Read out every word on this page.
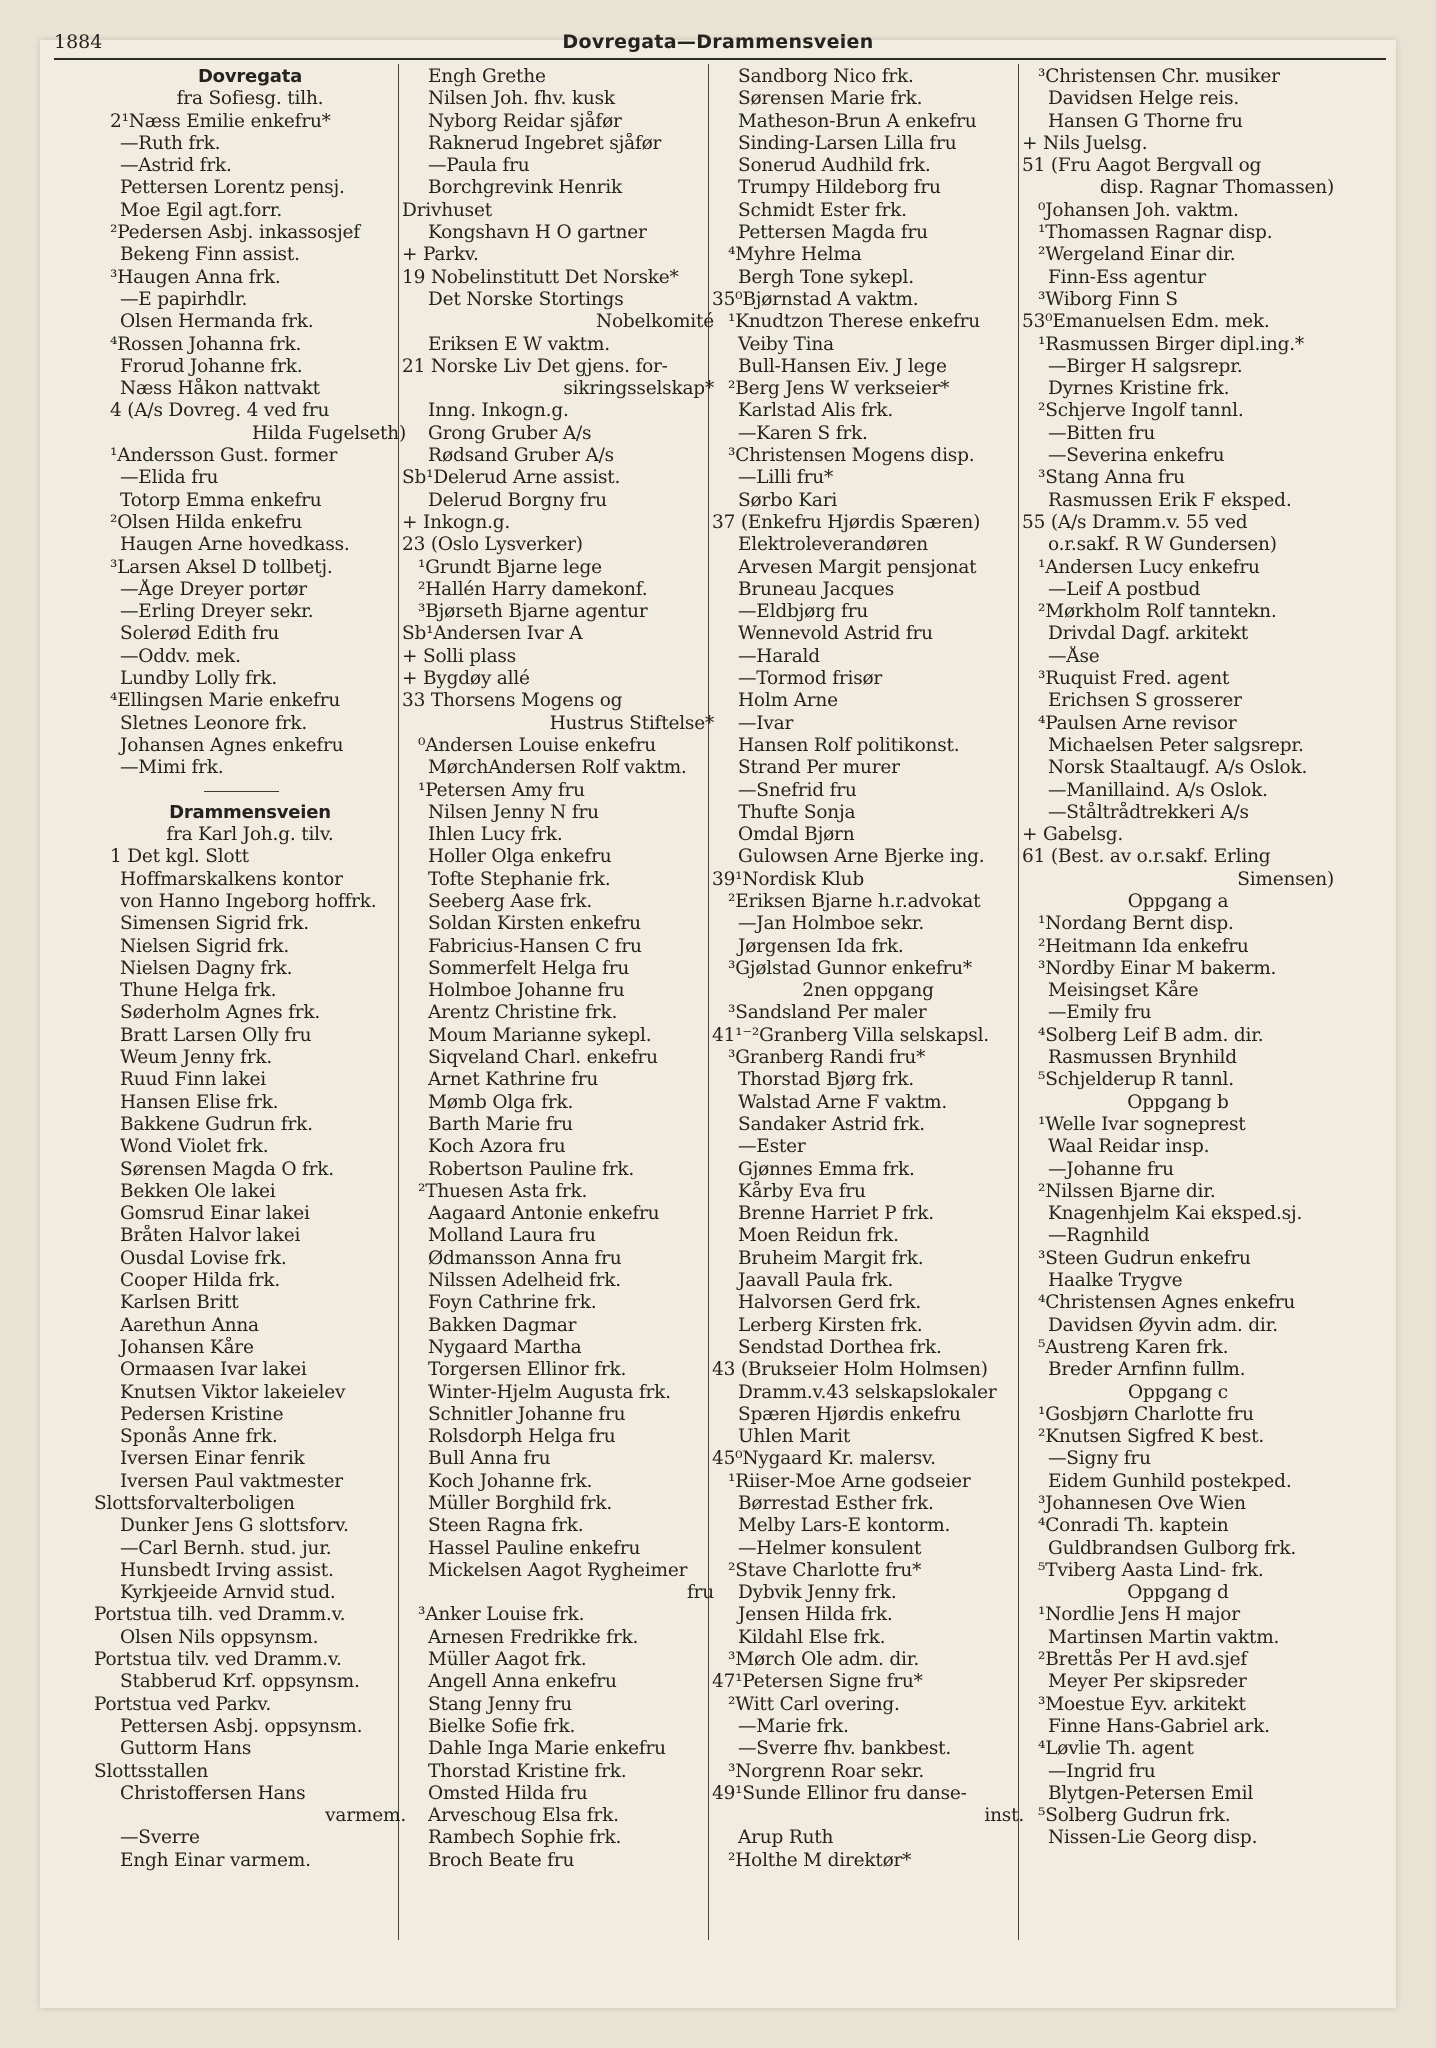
1884	Dovregata—Drammensveien
Dovregata
fra Sofiesg. tilh.
2¹Næss Emilie enkefru*
—Ruth frk.
—Astrid frk.
Pettersen Lorentz pensj.
Moe Egil agt.forr.
²Pedersen Asbj. inkassosjef
Bekeng Finn assist.
³Haugen Anna frk.
—E papirhdlr.
Olsen Hermanda frk.
⁴Rossen Johanna frk.
Frorud Johanne frk.
Næss Håkon nattvakt
4 (A/s Dovreg. 4 ved fru
Hilda Fugelseth)
¹Andersson Gust. former
—Elida fru
Totorp Emma enkefru
²Olsen Hilda enkefru
Haugen Arne hovedkass.
³Larsen Aksel D tollbetj.
—Åge Dreyer portør
—Erling Dreyer sekr.
Solerød Edith fru
—Oddv. mek.
Lundby Lolly frk.
⁴Ellingsen Marie enkefru
Sletnes Leonore frk.
Johansen Agnes enkefru
—Mimi frk.
Drammensveien
fra Karl Joh.g. tilv.
1 Det kgl. Slott
Hoffmarskalkens kontor
von Hanno Ingeborg hoffrk.
Simensen Sigrid frk.
Nielsen Sigrid frk.
Nielsen Dagny frk.
Thune Helga frk.
Søderholm Agnes frk.
Bratt Larsen Olly fru
Weum Jenny frk.
Ruud Finn lakei
Hansen Elise frk.
Bakkene Gudrun frk.
Wond Violet frk.
Sørensen Magda O frk.
Bekken Ole lakei
Gomsrud Einar lakei
Bråten Halvor lakei
Ousdal Lovise frk.
Cooper Hilda frk.
Karlsen Britt
Aarethun Anna
Johansen Kåre
Ormaasen Ivar lakei
Knutsen Viktor lakeielev
Pedersen Kristine
Sponås Anne frk.
Iversen Einar fenrik
Iversen Paul vaktmester
Slottsforvalterboligen
Dunker Jens G slottsforv.
—Carl Bernh. stud. jur.
Hunsbedt Irving assist.
Kyrkjeeide Arnvid stud.
Portstua tilh. ved Dramm.v.
Olsen Nils oppsynsm.
Portstua tilv. ved Dramm.v.
Stabberud Krf. oppsynsm.
Portstua ved Parkv.
Pettersen Asbj. oppsynsm.
Guttorm Hans
Slottsstallen
Christoffersen Hans
varmem.
—Sverre
Engh Einar varmem.
Engh Grethe
Nilsen Joh. fhv. kusk
Nyborg Reidar sjåfør
Raknerud Ingebret sjåfør
—Paula fru
Borchgrevink Henrik
Drivhuset
Kongshavn H O gartner
+ Parkv.
19 Nobelinstitutt Det Norske*
Det Norske Stortings
Nobelkomité
Eriksen E W vaktm.
21 Norske Liv Det gjens. for-
sikringsselskap*
Inng. Inkogn.g.
Grong Gruber A/s
Rødsand Gruber A/s
Sb¹Delerud Arne assist.
Delerud Borgny fru
+ Inkogn.g.
23 (Oslo Lysverker)
¹Grundt Bjarne lege
²Hallén Harry damekonf.
³Bjørseth Bjarne agentur
Sb¹Andersen Ivar A
+ Solli plass
+ Bygdøy allé
33 Thorsens Mogens og
Hustrus Stiftelse*
⁰Andersen Louise enkefru
MørchAndersen Rolf vaktm.
¹Petersen Amy fru
Nilsen Jenny N fru
Ihlen Lucy frk.
Holler Olga enkefru
Tofte Stephanie frk.
Seeberg Aase frk.
Soldan Kirsten enkefru
Fabricius-Hansen C fru
Sommerfelt Helga fru
Holmboe Johanne fru
Arentz Christine frk.
Moum Marianne sykepl.
Siqveland Charl. enkefru
Arnet Kathrine fru
Mømb Olga frk.
Barth Marie fru
Koch Azora fru
Robertson Pauline frk.
²Thuesen Asta frk.
Aagaard Antonie enkefru
Molland Laura fru
Ødmansson Anna fru
Nilssen Adelheid frk.
Foyn Cathrine frk.
Bakken Dagmar
Nygaard Martha
Torgersen Ellinor frk.
Winter-Hjelm Augusta frk.
Schnitler Johanne fru
Rolsdorph Helga fru
Bull Anna fru
Koch Johanne frk.
Müller Borghild frk.
Steen Ragna frk.
Hassel Pauline enkefru
Mickelsen Aagot Rygheimer
fru
³Anker Louise frk.
Arnesen Fredrikke frk.
Müller Aagot frk.
Angell Anna enkefru
Stang Jenny fru
Bielke Sofie frk.
Dahle Inga Marie enkefru
Thorstad Kristine frk.
Omsted Hilda fru
Arveschoug Elsa frk.
Rambech Sophie frk.
Broch Beate fru
Sandborg Nico frk.
Sørensen Marie frk.
Matheson-Brun A enkefru
Sinding-Larsen Lilla fru
Sonerud Audhild frk.
Trumpy Hildeborg fru
Schmidt Ester frk.
Pettersen Magda fru
⁴Myhre Helma
Bergh Tone sykepl.
35⁰Bjørnstad A vaktm.
¹Knudtzon Therese enkefru
Veiby Tina
Bull-Hansen Eiv. J lege
²Berg Jens W verkseier*
Karlstad Alis frk.
—Karen S frk.
³Christensen Mogens disp.
—Lilli fru*
Sørbo Kari
37 (Enkefru Hjørdis Spæren)
Elektroleverandøren
Arvesen Margit pensjonat
Bruneau Jacques
—Eldbjørg fru
Wennevold Astrid fru
—Harald
—Tormod frisør
Holm Arne
—Ivar
Hansen Rolf politikonst.
Strand Per murer
—Snefrid fru
Thufte Sonja
Omdal Bjørn
Gulowsen Arne Bjerke ing.
39¹Nordisk Klub
²Eriksen Bjarne h.r.advokat
—Jan Holmboe sekr.
Jørgensen Ida frk.
³Gjølstad Gunnor enkefru*
2nen oppgang
³Sandsland Per maler
41¹⁻²Granberg Villa selskapsl.
³Granberg Randi fru*
Thorstad Bjørg frk.
Walstad Arne F vaktm.
Sandaker Astrid frk.
—Ester
Gjønnes Emma frk.
Kårby Eva fru
Brenne Harriet P frk.
Moen Reidun frk.
Bruheim Margit frk.
Jaavall Paula frk.
Halvorsen Gerd frk.
Lerberg Kirsten frk.
Sendstad Dorthea frk.
43 (Brukseier Holm Holmsen)
Dramm.v.43 selskapslokaler
Spæren Hjørdis enkefru
Uhlen Marit
45⁰Nygaard Kr. malersv.
¹Riiser-Moe Arne godseier
Børrestad Esther frk.
Melby Lars-E kontorm.
—Helmer konsulent
²Stave Charlotte fru*
Dybvik Jenny frk.
Jensen Hilda frk.
Kildahl Else frk.
³Mørch Ole adm. dir.
47¹Petersen Signe fru*
²Witt Carl overing.
—Marie frk.
—Sverre fhv. bankbest.
³Norgrenn Roar sekr.
49¹Sunde Ellinor fru danse-
inst.
Arup Ruth
²Holthe M direktør*
³Christensen Chr. musiker
Davidsen Helge reis.
Hansen G Thorne fru
+ Nils Juelsg.
51 (Fru Aagot Bergvall og
disp. Ragnar Thomassen)
⁰Johansen Joh. vaktm.
¹Thomassen Ragnar disp.
²Wergeland Einar dir.
Finn-Ess agentur
³Wiborg Finn S
53⁰Emanuelsen Edm. mek.
¹Rasmussen Birger dipl.ing.*
—Birger H salgsrepr.
Dyrnes Kristine frk.
²Schjerve Ingolf tannl.
—Bitten fru
—Severina enkefru
³Stang Anna fru
Rasmussen Erik F eksped.
55 (A/s Dramm.v. 55 ved
o.r.sakf. R W Gundersen)
¹Andersen Lucy enkefru
—Leif A postbud
²Mørkholm Rolf tanntekn.
Drivdal Dagf. arkitekt
—Åse
³Ruquist Fred. agent
Erichsen S grosserer
⁴Paulsen Arne revisor
Michaelsen Peter salgsrepr.
Norsk Staaltaugf. A/s Oslok.
—Manillaind. A/s Oslok.
—Ståltrådtrekkeri A/s
+ Gabelsg.
61 (Best. av o.r.sakf. Erling
Simensen)
Oppgang a
¹Nordang Bernt disp.
²Heitmann Ida enkefru
³Nordby Einar M bakerm.
Meisingset Kåre
—Emily fru
⁴Solberg Leif B adm. dir.
Rasmussen Brynhild
⁵Schjelderup R tannl.
Oppgang b
¹Welle Ivar sogneprest
Waal Reidar insp.
—Johanne fru
²Nilssen Bjarne dir.
Knagenhjelm Kai eksped.sj.
—Ragnhild
³Steen Gudrun enkefru
Haalke Trygve
⁴Christensen Agnes enkefru
Davidsen Øyvin adm. dir.
⁵Austreng Karen frk.
Breder Arnfinn fullm.
Oppgang c
¹Gosbjørn Charlotte fru
²Knutsen Sigfred K best.
—Signy fru
Eidem Gunhild postekped.
³Johannesen Ove Wien
⁴Conradi Th. kaptein
Guldbrandsen Gulborg frk.
⁵Tviberg Aasta Lind- frk.
Oppgang d
¹Nordlie Jens H major
Martinsen Martin vaktm.
²Brettås Per H avd.sjef
Meyer Per skipsreder
³Moestue Eyv. arkitekt
Finne Hans-Gabriel ark.
⁴Løvlie Th. agent
—Ingrid fru
Blytgen-Petersen Emil
⁵Solberg Gudrun frk.
Nissen-Lie Georg disp.
